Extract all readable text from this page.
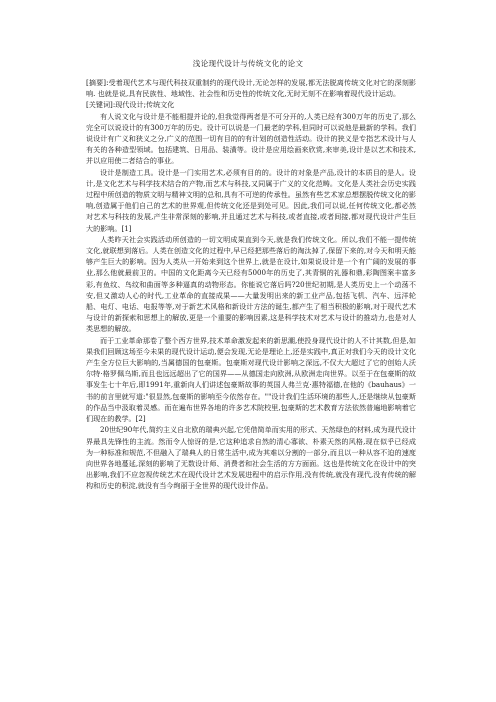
浅论现代设计与传统文化的论文

[摘要]:受着现代艺术与现代科技双重制约的现代设计,无论怎样的发展,都无法脱离传统文化对它的深刻影响. 也就是说,具有民族性、地域性、社会性和历史性的传统文化,无时无刻不在影响着现代设计运动。

[关键词]:现代设计;传统文化

有人说文化与设计是不能相提并论的,但我觉得两者是不可分开的,人类已经有300万年的历史了,那么完全可以说设计的有300万年的历史。设计可以说是一门最老的学科,但同时可以说他是最新的学科。我们说设计有广义和狭义之分,广义的范围一切有目的的有计划的创造性活动。设计的狭义是专指艺术设计与人有关的各种造型领域。包括建筑、日用品、装潢等。设计是应用绘画来欣赏,来审美,设计是以艺术和技术,并以应用使二者结合的事业。

设计是制造工具。设计是一门实用艺术,必须有目的的。设计的对象是产品,设计的本质目的是人。设计,是文化艺术与科学技术结合的产物,而艺术与科技,又同属于广义的文化范畴。文化是人类社会历史实践过程中所创造的物质文明与精神文明的总和,具有不可逆的传承性。虽然有些艺术家总想摆脱传统文化的影响,创造属于他们自己的艺术的世界观,但传统文化还是到处可见。因此,我们可以说,任何传统文化,都必然对艺术与科技的发展,产生非常深刻的影响,并且通过艺术与科技,或者直接,或者间接,都对现代设计产生巨大的影响。[1]

人类昨天社会实践活动所创造的一切文明成果直到今天,就是我们传统文化。所以,我们不能一提传统文化,就联想到落后。人类在创造文化的过程中,早已经把那些落后的淘汰掉了,保留下来的,对今天和明天能够产生巨大的影响。因为人类从一开始来到这个世界上,就是在设计,如果说设计是一个有广阔的发展的事业,那么他就最前卫的。中国的文化距离今天已经有5000年的历史了,其青铜的礼器和鼎,彩陶图案丰富多彩,有鱼纹、鸟纹和曲面等多种逼真的动物形态。你能说它落后吗?20世纪初期,是人类历史上一个动荡不安,但又激动人心的时代,工业革命的直接成果——大量发明出来的新工业产品,包括飞机、汽车、远洋轮船、电灯、电话、电报等等,对于新艺术风格和新设计方法的诞生,都产生了相当积极的影响,对于现代艺术与设计的新探索和思想上的解放,更是一个重要的影响因素,这是科学技术对艺术与设计的推动力,也是对人类思想的解放。

而于工业革命那卷了整个西方世界,技术革命激发起来的新思潮,使投身现代设计的人不计其数,但是,如果我们回顾这场至今未果的现代设计运动,便会发现,无论是理论上,还是实践中,真正对我们今天的设计文化产生全方位巨大影响的,当属德国的包豪斯。包豪斯对现代设计影响之深远,不仅大大超过了它的创始人沃尔特·格罗佩乌斯,而且也远远超出了它的国界——从德国走向欧洲,从欧洲走向世界。以至于在包豪斯的故事发生七十年后,即1991年,重新向人们讲述包豪斯故事的英国人弗兰克·惠特福德,在他的《bauhaus》一书的前言里就写道:"很显然,包豪斯的影响至今依然存在。""设计我们生活环境的那些人,还是继续从包豪斯的作品当中汲取着灵感。而在遍布世界各地的许多艺术院校里,包豪斯的艺术教育方法依然普遍地影响着它们现在的教学。[2]

20世纪90年代,简约主义自北欧的瑞典兴起,它凭借简单而实用的形式、天然绿色的材料,成为现代设计界最具先锋性的主流。然而令人惊讶的是,它这种追求自然的清心寡欲、朴素天然的风格,现在似乎已经成为一种标准和规范,不但融入了瑞典人的日常生活中,成为其难以分割的一部分,而且以一种从容不迫的速度向世界各地蔓延,深刻的影响了无数设计师、消费者和社会生活的方方面面。这也是传统文化在设计中的突出影响,我们不应忽视传统艺术在现代设计艺术发展进程中的启示作用,没有传统,就没有现代,没有传统的解构和历史的积淀,就没有当今绚丽于全世界的现代设计作品。
